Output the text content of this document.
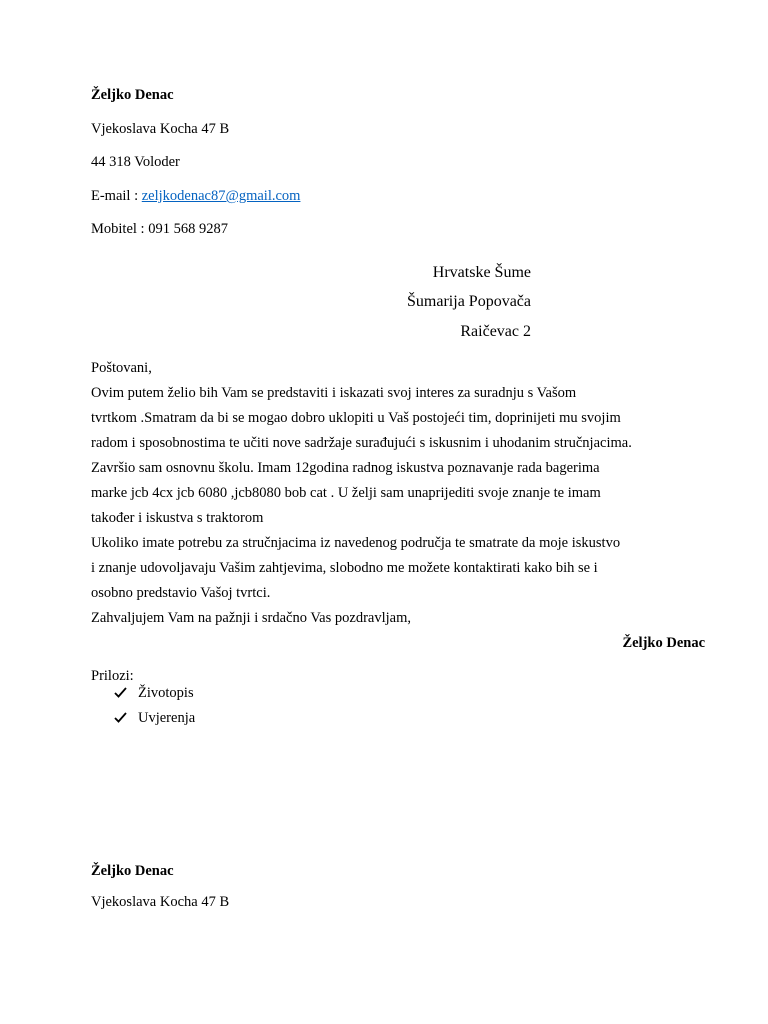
Željko Denac
Vjekoslava Kocha 47 B
44 318 Voloder
E-mail : zeljkodenac87@gmail.com
Mobitel : 091 568 9287
Hrvatske Šume
Šumarija Popovača
Raičevac 2
Poštovani,
Ovim putem želio bih Vam se predstaviti i iskazati svoj interes za suradnju s Vašom
tvrtkom .Smatram da bi se mogao dobro uklopiti u Vaš postojeći tim, doprinijeti mu svojim
radom i sposobnostima te učiti nove sadržaje surađujući s iskusnim i uhodanim stručnjacima.
Završio sam osnovnu školu. Imam 12godina radnog iskustva poznavanje rada bagerima
marke jcb 4cx jcb 6080 ,jcb8080 bob cat . U želji sam unaprijediti svoje znanje te imam
također i iskustva s traktorom
Ukoliko imate potrebu za stručnjacima iz navedenog područja te smatrate da moje iskustvo
i znanje udovoljavaju Vašim zahtjevima, slobodno me možete kontaktirati kako bih se i
osobno predstavio Vašoj tvrtci.
Zahvaljujem Vam na pažnji i srdačno Vas pozdravljam,
Željko Denac
Prilozi:
Životopis
Uvjerenja
Željko Denac
Vjekoslava Kocha 47 B
